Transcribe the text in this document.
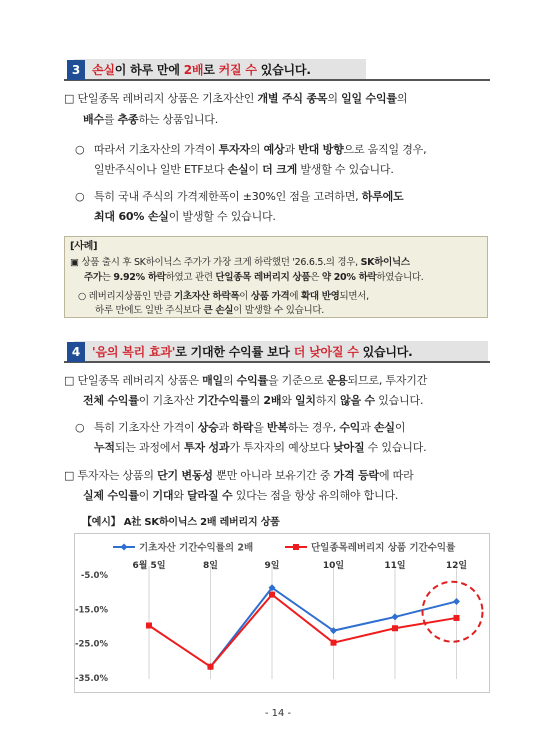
3 손실이 하루 만에 2배로 커질 수 있습니다.
□ 단일종목 레버리지 상품은 기초자산인 개별 주식 종목의 일일 수익률의
배수를 추종하는 상품입니다.
○ 따라서 기초자산의 가격이 투자자의 예상과 반대 방향으로 움직일 경우,
일반주식이나 일반 ETF보다 손실이 더 크게 발생할 수 있습니다.
○ 특히 국내 주식의 가격제한폭이 ±30%인 점을 고려하면, 하루에도
최대 60% 손실이 발생할 수 있습니다.
[사례]
▣ 상품 출시 후 SK하이닉스 주가가 가장 크게 하락했던 '26.6.5.의 경우, SK하이닉스
주가는 9.92% 하락하였고 관련 단일종목 레버리지 상품은 약 20% 하락하였습니다.
○ 레버리지상품인 만큼 기초자산 하락폭이 상품 가격에 확대 반영되면서,
하루 만에도 일반 주식보다 큰 손실이 발생할 수 있습니다.
4 '음의 복리 효과'로 기대한 수익률 보다 더 낮아질 수 있습니다.
□ 단일종목 레버리지 상품은 매일의 수익률을 기준으로 운용되므로, 투자기간
전체 수익률이 기초자산 기간수익률의 2배와 일치하지 않을 수 있습니다.
○ 특히 기초자산 가격이 상승과 하락을 반복하는 경우, 수익과 손실이
누적되는 과정에서 투자 성과가 투자자의 예상보다 낮아질 수 있습니다.
□ 투자자는 상품의 단기 변동성 뿐만 아니라 보유기간 중 가격 등락에 따라
실제 수익률이 기대와 달라질 수 있다는 점을 항상 유의해야 합니다.
【예시】 A社 SK하이닉스 2배 레버리지 상품
-5.0%
-15.0%
-25.0%
-35.0%
6월 5일	8일	9일	10일	11일	12일
기초자산 기간수익률의 2배	단일종목레버리지 상품 기간수익률
- 14 -
